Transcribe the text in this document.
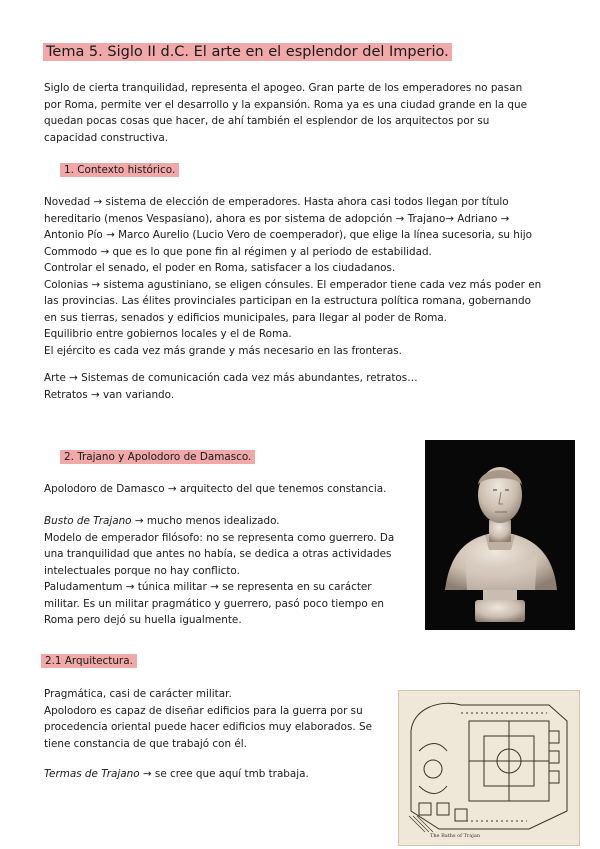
Tema 5. Siglo II d.C. El arte en el esplendor del Imperio.
Siglo de cierta tranquilidad, representa el apogeo. Gran parte de los emperadores no pasan
por Roma, permite ver el desarrollo y la expansión. Roma ya es una ciudad grande en la que
quedan pocas cosas que hacer, de ahí también el esplendor de los arquitectos por su
capacidad constructiva.
1. Contexto histórico.
Novedad → sistema de elección de emperadores. Hasta ahora casi todos llegan por título
hereditario (menos Vespasiano), ahora es por sistema de adopción → Trajano→ Adriano →
Antonio Pío → Marco Aurelio (Lucio Vero de coemperador), que elige la línea sucesoria, su hijo
Commodo → que es lo que pone fin al régimen y al periodo de estabilidad.
Controlar el senado, el poder en Roma, satisfacer a los ciudadanos.
Colonias → sistema agustiniano, se eligen cónsules. El emperador tiene cada vez más poder en
las provincias. Las élites provinciales participan en la estructura política romana, gobernando
en sus tierras, senados y edificios municipales, para llegar al poder de Roma.
Equilibrio entre gobiernos locales y el de Roma.
El ejército es cada vez más grande y más necesario en las fronteras.
Arte → Sistemas de comunicación cada vez más abundantes, retratos…
Retratos → van variando.
2. Trajano y Apolodoro de Damasco.
Apolodoro de Damasco → arquitecto del que tenemos constancia.
Busto de Trajano → mucho menos idealizado.
Modelo de emperador filósofo: no se representa como guerrero. Da
una tranquilidad que antes no había, se dedica a otras actividades
intelectuales porque no hay conflicto.
Paludamentum → túnica militar → se representa en su carácter
militar. Es un militar pragmático y guerrero, pasó poco tiempo en
Roma pero dejó su huella igualmente.
2.1 Arquitectura.
Pragmática, casi de carácter militar.
Apolodoro es capaz de diseñar edificios para la guerra por su
procedencia oriental puede hacer edificios muy elaborados. Se
tiene constancia de que trabajó con él.
Termas de Trajano → se cree que aquí tmb trabaja.
The Baths of Trajan
